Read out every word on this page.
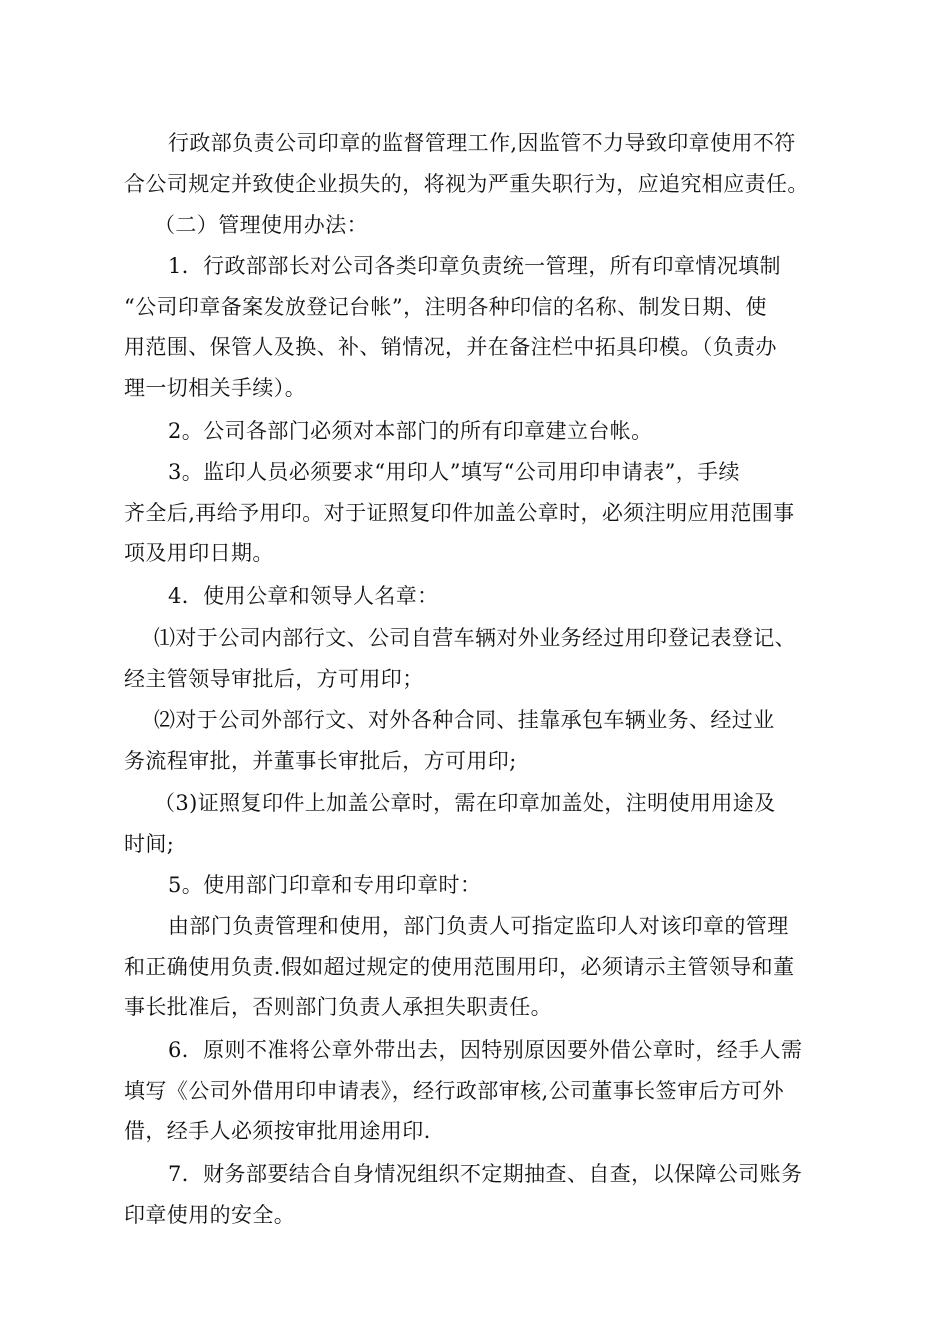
行政部负责公司印章的监督管理工作,因监管不力导致印章使用不符
合公司规定并致使企业损失的，将视为严重失职行为，应追究相应责任。
（二）管理使用办法：
1．行政部部长对公司各类印章负责统一管理，所有印章情况填制
“公司印章备案发放登记台帐”，注明各种印信的名称、制发日期、使
用范围、保管人及换、补、销情况，并在备注栏中拓具印模。（负责办
理一切相关手续）。
2。公司各部门必须对本部门的所有印章建立台帐。
3。监印人员必须要求“用印人”填写“公司用印申请表”，手续
齐全后,再给予用印。对于证照复印件加盖公章时，必须注明应用范围事
项及用印日期。
4．使用公章和领导人名章：
⑴对于公司内部行文、公司自营车辆对外业务经过用印登记表登记、
经主管领导审批后，方可用印；
⑵对于公司外部行文、对外各种合同、挂靠承包车辆业务、经过业
务流程审批，并董事长审批后，方可用印;
（3)证照复印件上加盖公章时，需在印章加盖处，注明使用用途及
时间;
5。使用部门印章和专用印章时：
由部门负责管理和使用，部门负责人可指定监印人对该印章的管理
和正确使用负责.假如超过规定的使用范围用印，必须请示主管领导和董
事长批准后，否则部门负责人承担失职责任。
6．原则不准将公章外带出去，因特别原因要外借公章时，经手人需
填写《公司外借用印申请表》，经行政部审核,公司董事长签审后方可外
借，经手人必须按审批用途用印.
7．财务部要结合自身情况组织不定期抽查、自查，以保障公司账务
印章使用的安全。
